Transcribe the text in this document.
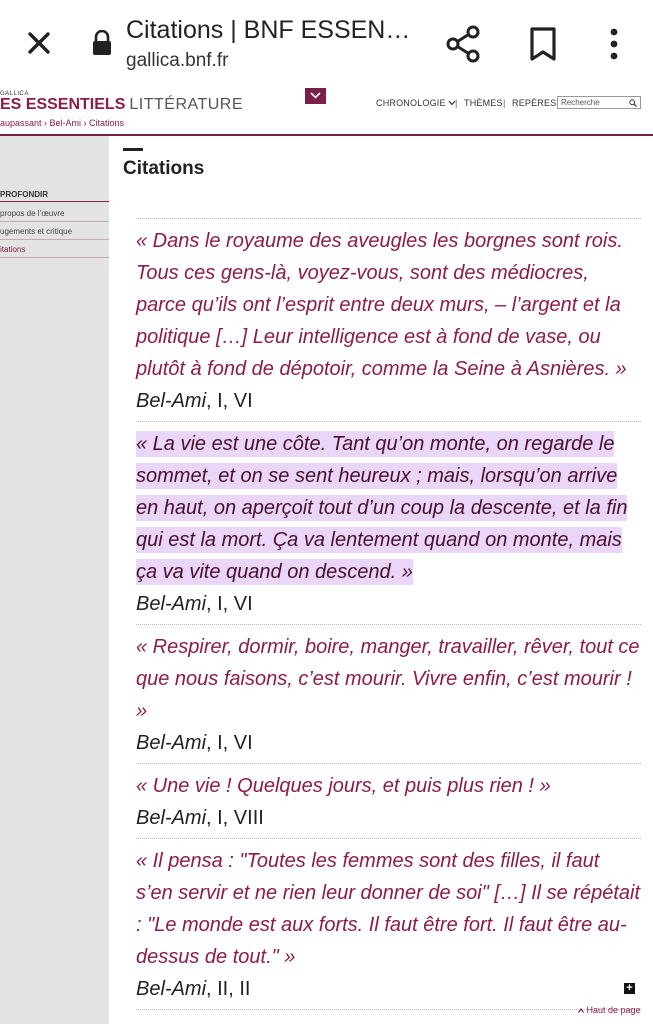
Citations | BNF ESSEN…
gallica.bnf.fr
GALLICA
ES ESSENTIELS LITTÉRATURE	CHRONOLOGIE	| THÈMES | REPÈRES Recherche
aupassant › Bel-Ami › Citations
PROFONDIR
propos de l’œuvre
ugements et critique
itations
Citations
« Dans le royaume des aveugles les borgnes sont rois. Tous ces gens-là, voyez-vous, sont des médiocres, parce qu’ils ont l’esprit entre deux murs, – l’argent et la politique […] Leur intelligence est à fond de vase, ou plutôt à fond de dépotoir, comme la Seine à Asnières. »
Bel-Ami, I, VI
« La vie est une côte. Tant qu’on monte, on regarde le sommet, et on se sent heureux ; mais, lorsqu’on arrive en haut, on aperçoit tout d’un coup la descente, et la fin qui est la mort. Ça va lentement quand on monte, mais ça va vite quand on descend. »
Bel-Ami, I, VI
« Respirer, dormir, boire, manger, travailler, rêver, tout ce que nous faisons, c’est mourir. Vivre enfin, c’est mourir ! »
Bel-Ami, I, VI
« Une vie ! Quelques jours, et puis plus rien ! »
Bel-Ami, I, VIII
« Il pensa : "Toutes les femmes sont des filles, il faut s’en servir et ne rien leur donner de soi" […] Il se répétait : "Le monde est aux forts. Il faut être fort. Il faut être au-dessus de tout." »
Bel-Ami, II, II	+
Haut de page
